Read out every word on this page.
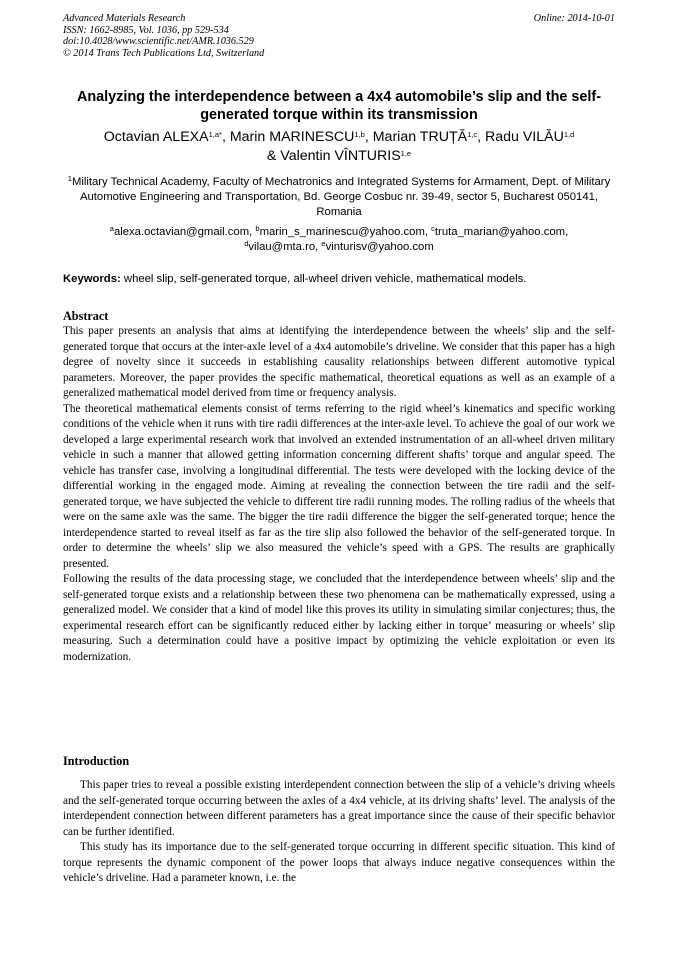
Advanced Materials Research
ISSN: 1662-8985, Vol. 1036, pp 529-534
doi:10.4028/www.scientific.net/AMR.1036.529
© 2014 Trans Tech Publications Ltd, Switzerland
Online: 2014-10-01
Analyzing the interdependence between a 4x4 automobile’s slip and the self-generated torque within its transmission
Octavian $ALEXA^{1,a*}$, Marin MARINESCU$^{1,b}$, Marian TRUȚĂ$^{1,c}$, Radu VILĂU$^{1,d}$
& Valentin VÎNTURIS$^{1,e}$
$^1$Military Technical Academy, Faculty of Mechatronics and Integrated Systems for Armament, Dept. of Military Automotive Engineering and Transportation, Bd. George Cosbuc nr. 39-49, sector 5, Bucharest 050141, Romania
$^a$alexa.octavian@gmail.com, $^b$marin_s_marinescu@yahoo.com, $^c$truta_marian@yahoo.com,
$^d$vilau@mta.ro, $^e$vinturisv@yahoo.com
Keywords: wheel slip, self-generated torque, all-wheel driven vehicle, mathematical models.
Abstract

This paper presents an analysis that aims at identifying the interdependence between the wheels’ slip and the self-generated torque that occurs at the inter-axle level of a 4x4 automobile’s driveline. We consider that this paper has a high degree of novelty since it succeeds in establishing causality relationships between different automotive typical parameters. Moreover, the paper provides the specific mathematical, theoretical equations as well as an example of a generalized mathematical model derived from time or frequency analysis.

The theoretical mathematical elements consist of terms referring to the rigid wheel’s kinematics and specific working conditions of the vehicle when it runs with tire radii differences at the inter-axle level. To achieve the goal of our work we developed a large experimental research work that involved an extended instrumentation of an all-wheel driven military vehicle in such a manner that allowed getting information concerning different shafts’ torque and angular speed. The vehicle has transfer case, involving a longitudinal differential. The tests were developed with the locking device of the differential working in the engaged mode. Aiming at revealing the connection between the tire radii and the self-generated torque, we have subjected the vehicle to different tire radii running modes. The rolling radius of the wheels that were on the same axle was the same. The bigger the tire radii difference the bigger the self-generated torque; hence the interdependence started to reveal itself as far as the tire slip also followed the behavior of the self-generated torque. In order to determine the wheels’ slip we also measured the vehicle’s speed with a GPS. The results are graphically presented.

Following the results of the data processing stage, we concluded that the interdependence between wheels’ slip and the self-generated torque exists and a relationship between these two phenomena can be mathematically expressed, using a generalized model. We consider that a kind of model like this proves its utility in simulating similar conjectures; thus, the experimental research effort can be significantly reduced either by lacking either in torque’ measuring or wheels’ slip measuring. Such a determination could have a positive impact by optimizing the vehicle exploitation or even its modernization.

Introduction

This paper tries to reveal a possible existing interdependent connection between the slip of a vehicle’s driving wheels and the self-generated torque occurring between the axles of a 4x4 vehicle, at its driving shafts’ level. The analysis of the interdependent connection between different parameters has a great importance since the cause of their specific behavior can be further identified.

This study has its importance due to the self-generated torque occurring in different specific situation. This kind of torque represents the dynamic component of the power loops that always induce negative consequences within the vehicle’s driveline. Had a parameter known, i.e. the
